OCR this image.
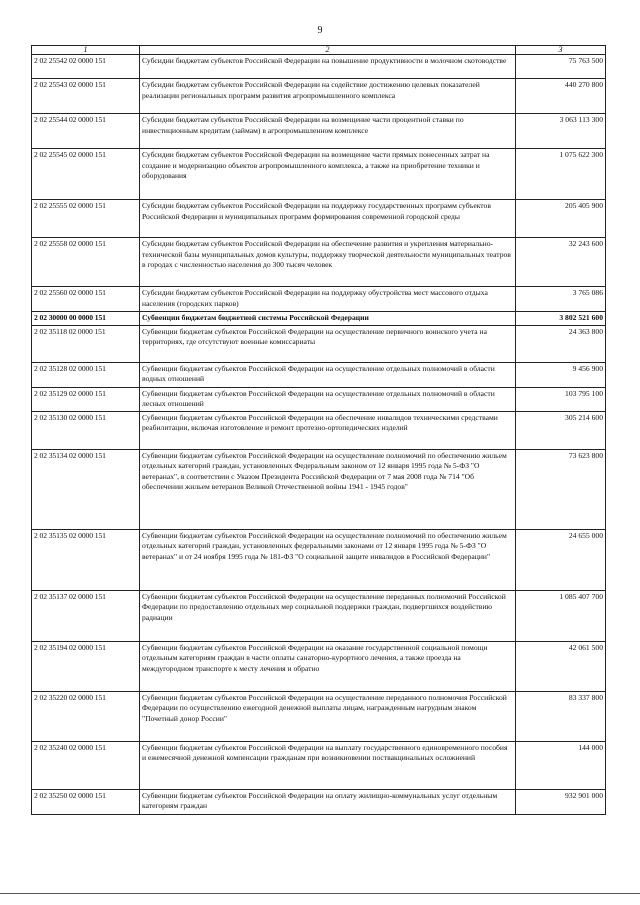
9
1	2	3
2 02 25542 02 0000 151	Субсидии бюджетам субъектов Российской Федерации на повышение продуктивности в молочном скотоводстве	75 763 500
2 02 25543 02 0000 151	Субсидии бюджетам субъектов Российской Федерации на содействие достижению целевых показателей реализации региональных программ развития агропромышленного комплекса	440 270 800
2 02 25544 02 0000 151	Субсидии бюджетам субъектов Российской Федерации на возмещение части процентной ставки по инвестиционным кредитам (займам) в агропромышленном комплексе	3 063 113 300
2 02 25545 02 0000 151	Субсидии бюджетам субъектов Российской Федерации на возмещение части прямых понесенных затрат на создание и модернизацию объектов агропромышленного комплекса, а также на приобретение техники и оборудования	1 075 622 300
2 02 25555 02 0000 151	Субсидии бюджетам субъектов Российской Федерации на поддержку государственных программ субъектов Российской Федерации и муниципальных программ формирования современной городской среды	205 405 900
2 02 25558 02 0000 151	Субсидии бюджетам субъектов Российской Федерации на обеспечение развития и укрепления материально-технической базы муниципальных домов культуры, поддержку творческой деятельности муниципальных театров в городах с численностью населения до 300 тысяч человек	32 243 600
2 02 25560 02 0000 151	Субсидии бюджетам субъектов Российской Федерации на поддержку обустройства мест массового отдыха населения (городских парков)	3 765 086
2 02 30000 00 0000 151	Субвенции бюджетам бюджетной системы Российской Федерации	3 802 521 600
2 02 35118 02 0000 151	Субвенции бюджетам субъектов Российской Федерации на осуществление первичного воинского учета на территориях, где отсутствуют военные комиссариаты	24 363 800
2 02 35128 02 0000 151	Субвенции бюджетам субъектов Российской Федерации на осуществление отдельных полномочий в области водных отношений	9 456 900
2 02 35129 02 0000 151	Субвенции бюджетам субъектов Российской Федерации на осуществление отдельных полномочий в области лесных отношений	103 795 100
2 02 35130 02 0000 151	Субвенции бюджетам субъектов Российской Федерации на обеспечение инвалидов техническими средствами реабилитации, включая изготовление и ремонт протезно-ортопедических изделий	305 214 600
2 02 35134 02 0000 151	Субвенции бюджетам субъектов Российской Федерации на осуществление полномочий по обеспечению жильем отдельных категорий граждан, установленных Федеральным законом от 12 января 1995 года № 5-ФЗ "О ветеранах", в соответствии с Указом Президента Российской Федерации от 7 мая 2008 года № 714 "Об обеспечении жильем ветеранов Великой Отечественной войны 1941 - 1945 годов"	73 623 800
2 02 35135 02 0000 151	Субвенции бюджетам субъектов Российской Федерации на осуществление полномочий по обеспечению жильем отдельных категорий граждан, установленных федеральными законами от 12 января 1995 года № 5-ФЗ "О ветеранах" и от 24 ноября 1995 года № 181-ФЗ "О социальной защите инвалидов в Российской Федерации"	24 655 000
2 02 35137 02 0000 151	Субвенции бюджетам субъектов Российской Федерации на осуществление переданных полномочий Российской Федерации по предоставлению отдельных мер социальной поддержки граждан, подвергшихся воздействию радиации	1 085 407 700
2 02 35194 02 0000 151	Субвенции бюджетам субъектов Российской Федерации на оказание государственной социальной помощи отдельным категориям граждан в части оплаты санаторно-курортного лечения, а также проезда на междугородном транспорте к месту лечения и обратно	42 061 500
2 02 35220 02 0000 151	Субвенции бюджетам субъектов Российской Федерации на осуществление переданного полномочия Российской Федерации по осуществлению ежегодной денежной выплаты лицам, награжденным нагрудным знаком "Почетный донор России"	83 337 800
2 02 35240 02 0000 151	Субвенции бюджетам субъектов Российской Федерации на выплату государственного единовременного пособия и ежемесячной денежной компенсации гражданам при возникновении поствакцинальных осложнений	144 000
2 02 35250 02 0000 151	Субвенции бюджетам субъектов Российской Федерации на оплату жилищно-коммунальных услуг отдельным категориям граждан	932 901 000
